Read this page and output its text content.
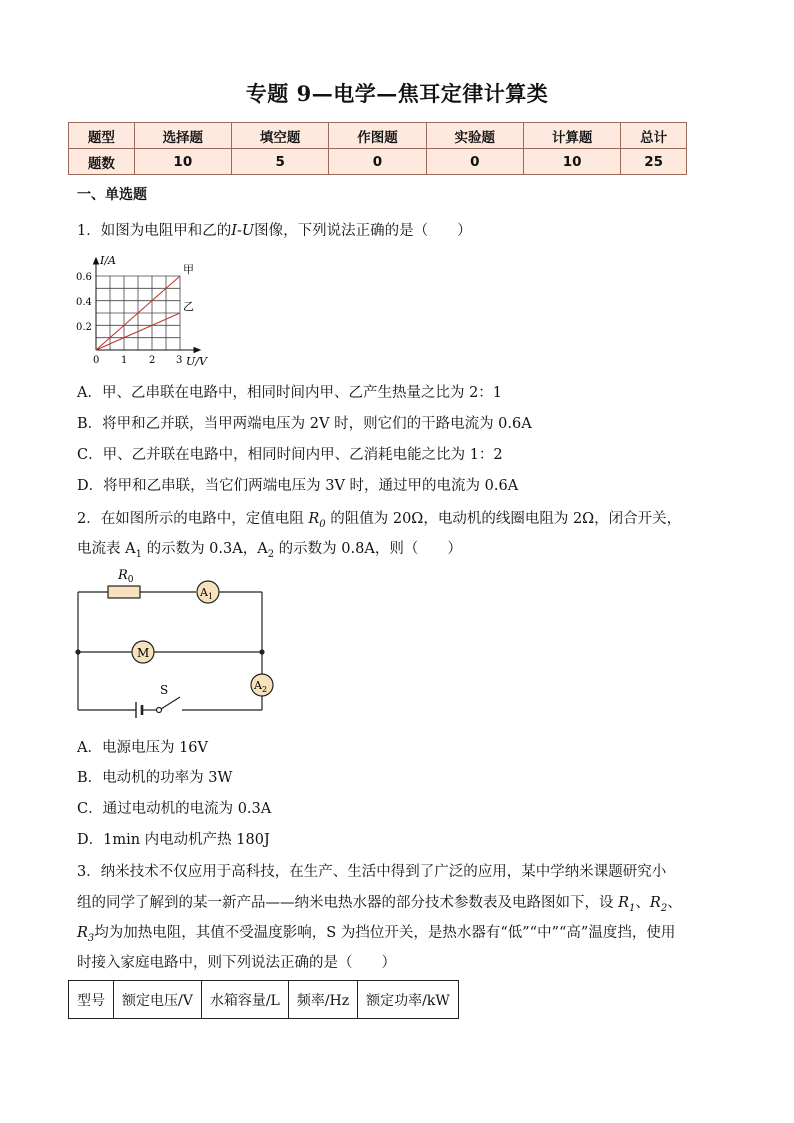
专题 9—电学—焦耳定律计算类
题型	选择题	填空题	作图题	实验题	计算题	总计
题数	10	5	0	0	10	25
一、单选题
1．如图为电阻甲和乙的I-U图像，下列说法正确的是（　　）
I/A
0.6
0.4
0.2
0 1 2 3 U/V
甲
乙
A．甲、乙串联在电路中，相同时间内甲、乙产生热量之比为 2：1
B．将甲和乙并联，当甲两端电压为 2V 时，则它们的干路电流为 0.6A
C．甲、乙并联在电路中，相同时间内甲、乙消耗电能之比为 1：2
D．将甲和乙串联，当它们两端电压为 3V 时，通过甲的电流为 0.6A
2．在如图所示的电路中，定值电阻 $R_0$ 的阻值为 20Ω，电动机的线圈电阻为 2Ω，闭合开关，
电流表 $A_1$ 的示数为 0.3A，$A_2$ 的示数为 0.8A，则（　　）
$R_0$
$A_1$
M
$A_2$
S
A．电源电压为 16V
B．电动机的功率为 3W
C．通过电动机的电流为 0.3A
D．1min 内电动机产热 180J
3．纳米技术不仅应用于高科技，在生产、生活中得到了广泛的应用，某中学纳米课题研究小
组的同学了解到的某一新产品——纳米电热水器的部分技术参数表及电路图如下，设 $R_1$、$R_2$、
$R_3$均为加热电阻，其值不受温度影响，S 为挡位开关，是热水器有“低”“中”“高”温度挡，使用
时接入家庭电路中，则下列说法正确的是（　　）
型号	额定电压/V	水箱容量/L	频率/Hz	额定功率/kW
